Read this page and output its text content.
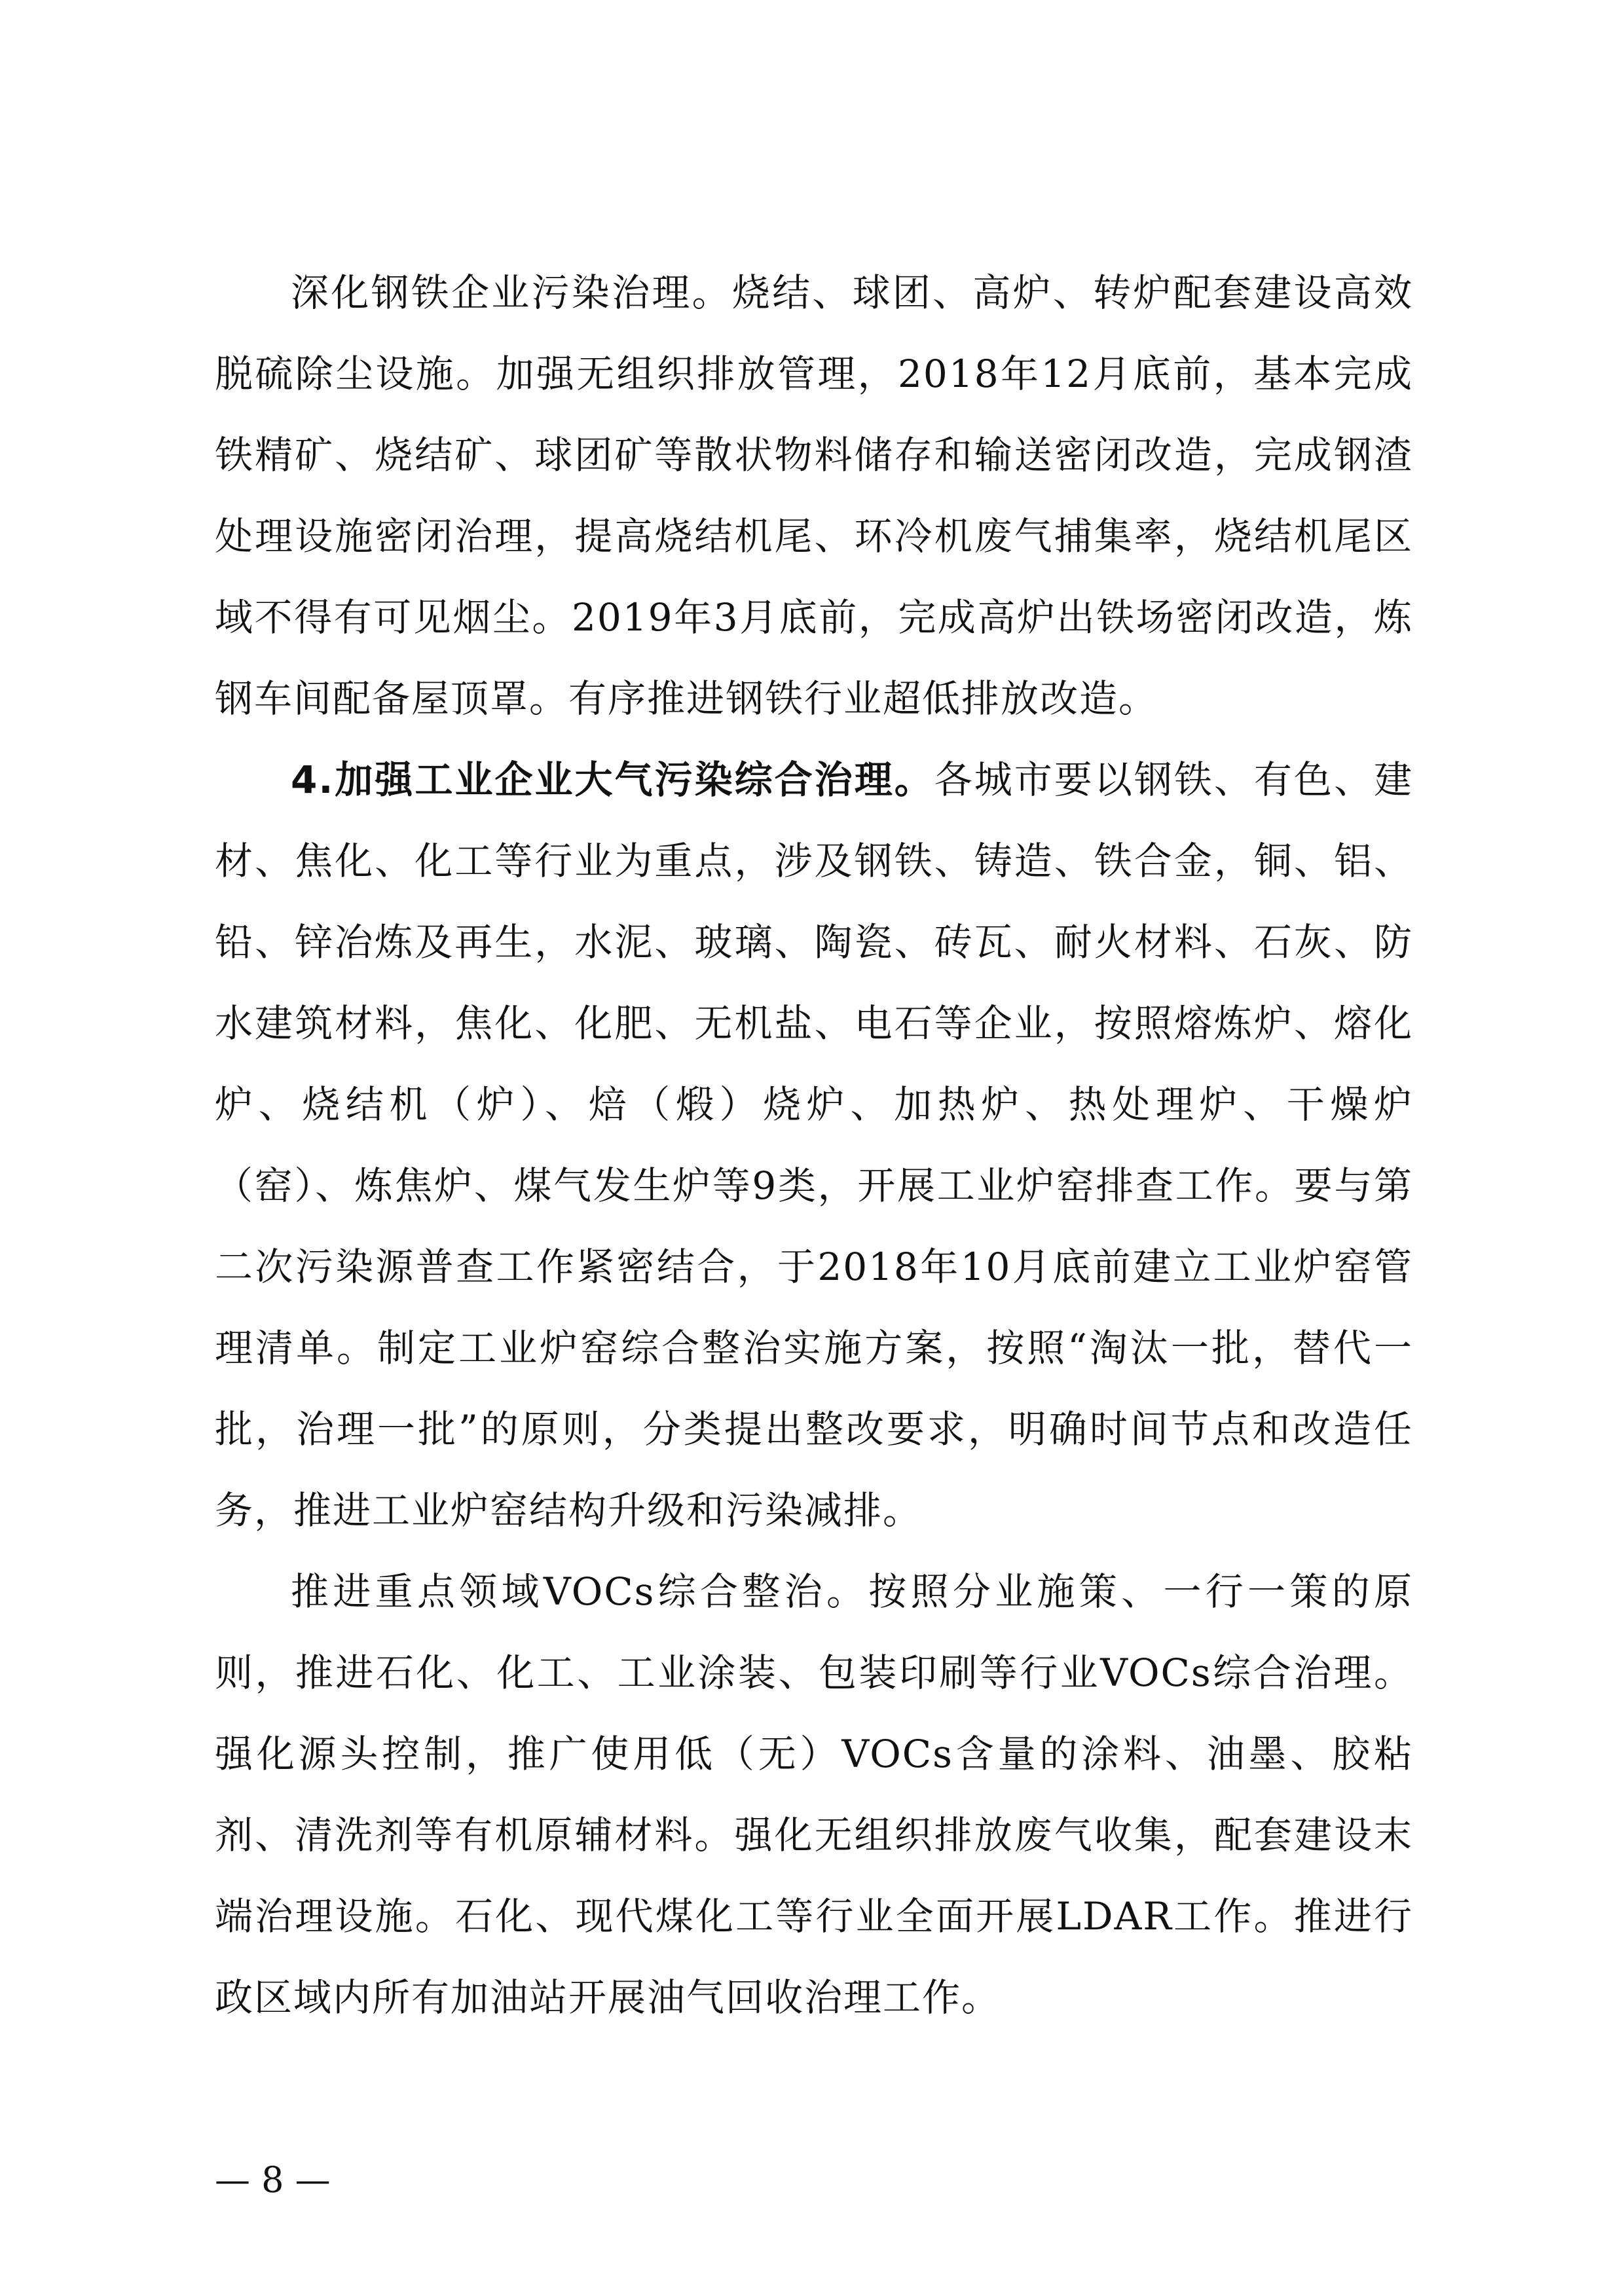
深化钢铁企业污染治理。烧结、球团、高炉、转炉配套建设高效脱硫除尘设施。加强无组织排放管理，2018年12月底前，基本完成铁精矿、烧结矿、球团矿等散状物料储存和输送密闭改造，完成钢渣处理设施密闭治理，提高烧结机尾、环冷机废气捕集率，烧结机尾区域不得有可见烟尘。2019年3月底前，完成高炉出铁场密闭改造，炼钢车间配备屋顶罩。有序推进钢铁行业超低排放改造。

4.加强工业企业大气污染综合治理。各城市要以钢铁、有色、建材、焦化、化工等行业为重点，涉及钢铁、铸造、铁合金，铜、铝、铅、锌冶炼及再生，水泥、玻璃、陶瓷、砖瓦、耐火材料、石灰、防水建筑材料，焦化、化肥、无机盐、电石等企业，按照熔炼炉、熔化炉、烧结机（炉）、焙（煅）烧炉、加热炉、热处理炉、干燥炉（窑）、炼焦炉、煤气发生炉等9类，开展工业炉窑排查工作。要与第二次污染源普查工作紧密结合，于2018年10月底前建立工业炉窑管理清单。制定工业炉窑综合整治实施方案，按照“淘汰一批，替代一批，治理一批”的原则，分类提出整改要求，明确时间节点和改造任务，推进工业炉窑结构升级和污染减排。

推进重点领域VOCs综合整治。按照分业施策、一行一策的原则，推进石化、化工、工业涂装、包装印刷等行业VOCs综合治理。强化源头控制，推广使用低（无）VOCs含量的涂料、油墨、胶粘剂、清洗剂等有机原辅材料。强化无组织排放废气收集，配套建设末端治理设施。石化、现代煤化工等行业全面开展LDAR工作。推进行政区域内所有加油站开展油气回收治理工作。

— 8 —
